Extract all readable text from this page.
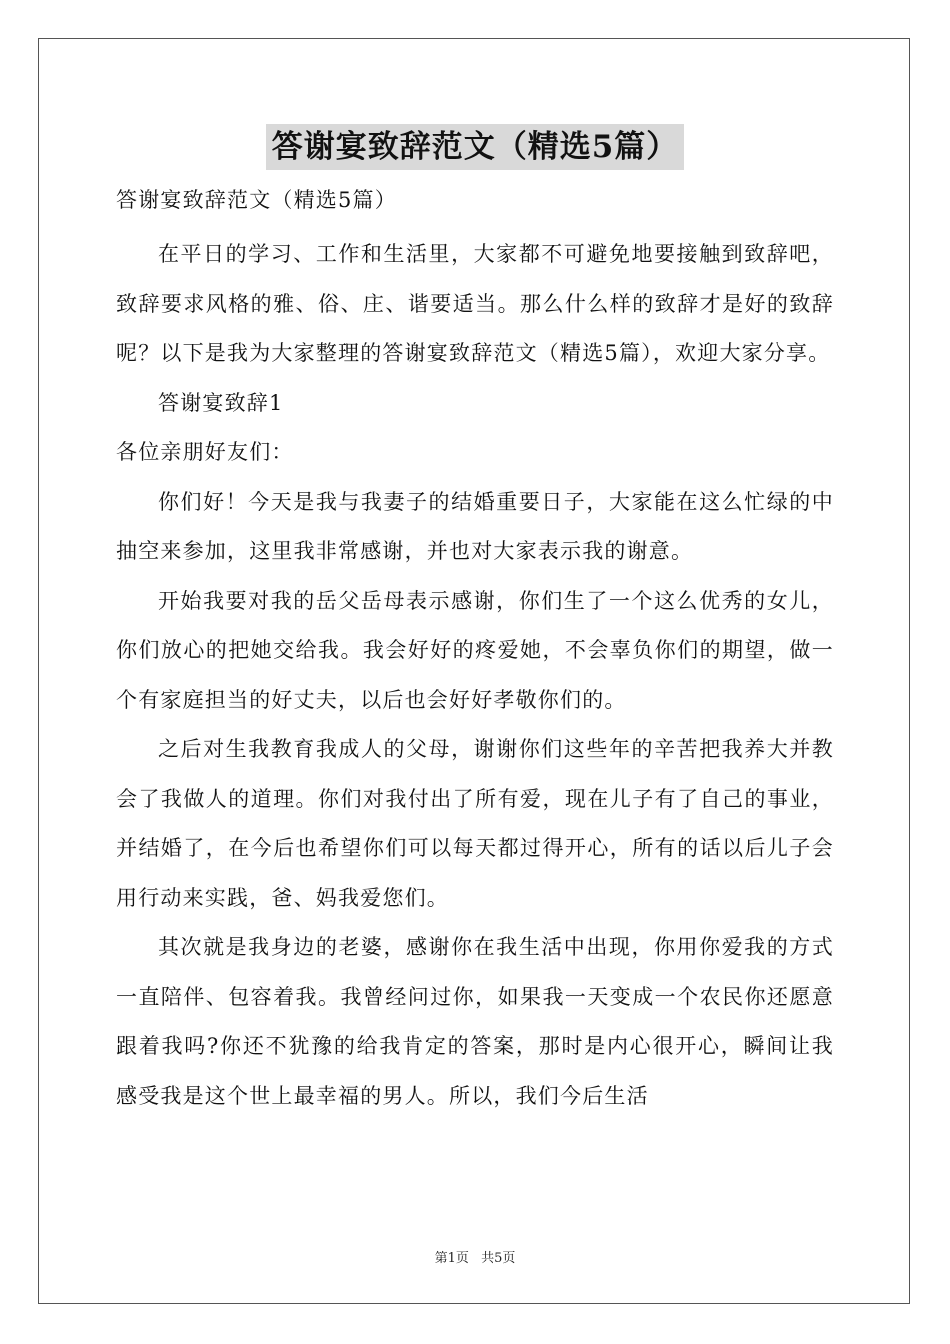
答谢宴致辞范文（精选5篇）

答谢宴致辞范文（精选5篇）

在平日的学习、工作和生活里，大家都不可避免地要接触到致辞吧，致辞要求风格的雅、俗、庄、谐要适当。那么什么样的致辞才是好的致辞呢？以下是我为大家整理的答谢宴致辞范文（精选5篇），欢迎大家分享。

答谢宴致辞1

各位亲朋好友们：

你们好！今天是我与我妻子的结婚重要日子，大家能在这么忙绿的中抽空来参加，这里我非常感谢，并也对大家表示我的谢意。

开始我要对我的岳父岳母表示感谢，你们生了一个这么优秀的女儿，你们放心的把她交给我。我会好好的疼爱她，不会辜负你们的期望，做一个有家庭担当的好丈夫，以后也会好好孝敬你们的。

之后对生我教育我成人的父母，谢谢你们这些年的辛苦把我养大并教会了我做人的道理。你们对我付出了所有爱，现在儿子有了自己的事业，并结婚了，在今后也希望你们可以每天都过得开心，所有的话以后儿子会用行动来实践，爸、妈我爱您们。

其次就是我身边的老婆，感谢你在我生活中出现，你用你爱我的方式一直陪伴、包容着我。我曾经问过你，如果我一天变成一个农民你还愿意跟着我吗?你还不犹豫的给我肯定的答案，那时是内心很开心，瞬间让我感受我是这个世上最幸福的男人。所以，我们今后生活

第1页 共5页
